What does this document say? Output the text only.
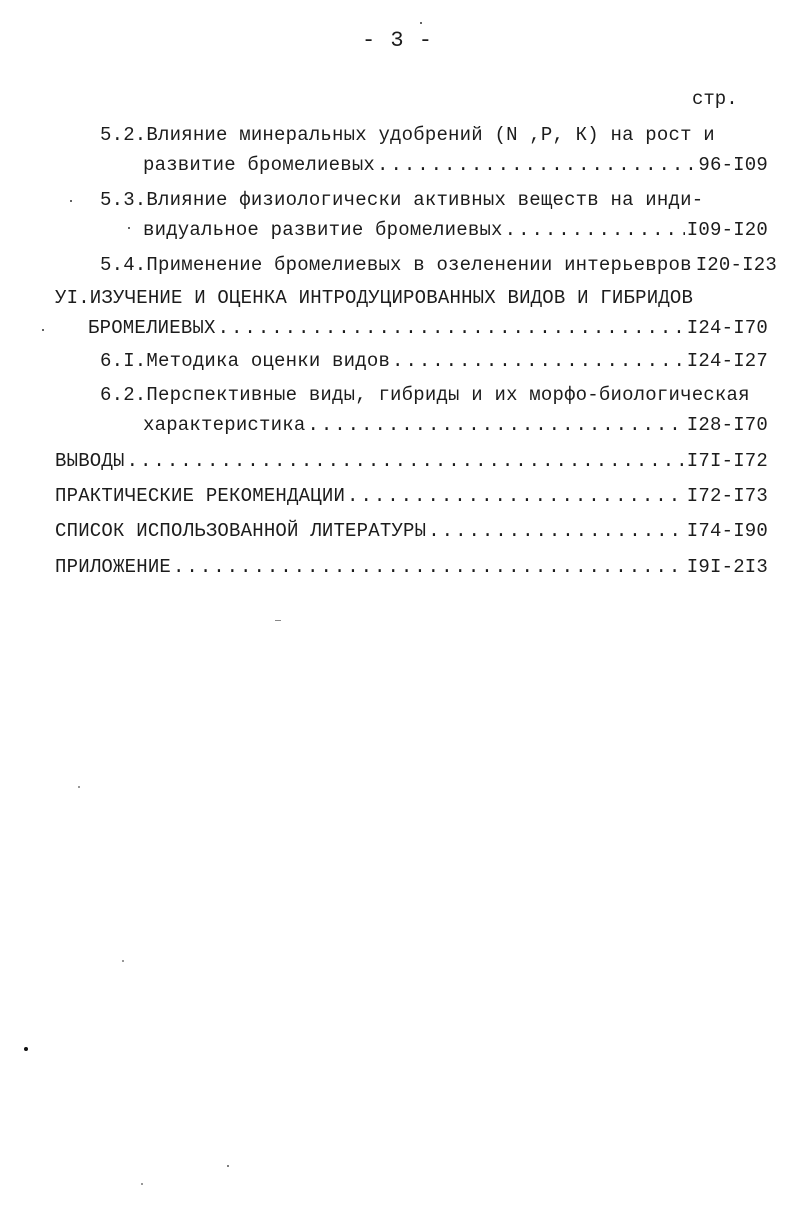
- 3 -
стр.
5.2.Влияние минеральных удобрений (N ,Р, К) на рост и
развитие бромелиевых .....	96-I09
5.3.Влияние физиологически активных веществ на инди-
видуальное развитие бромелиевых .....	I09-I20
5.4.Применение бромелиевых в озеленении интерьевров I20-I23
УI.ИЗУЧЕНИЕ И ОЦЕНКА ИНТРОДУЦИРОВАННЫХ ВИДОВ И ГИБРИДОВ
БРОМЕЛИЕВЫХ .....	I24-I70
6.I.Методика оценки видов .....	I24-I27
6.2.Перспективные виды, гибриды и их морфо-биологическая
характеристика .....	I28-I70
ВЫВОДЫ .....	I7I-I72
ПРАКТИЧЕСКИЕ РЕКОМЕНДАЦИИ .....	I72-I73
СПИСОК ИСПОЛЬЗОВАННОЙ ЛИТЕРАТУРЫ .....	I74-I90
ПРИЛОЖЕНИЕ .....	I9I-2I3
